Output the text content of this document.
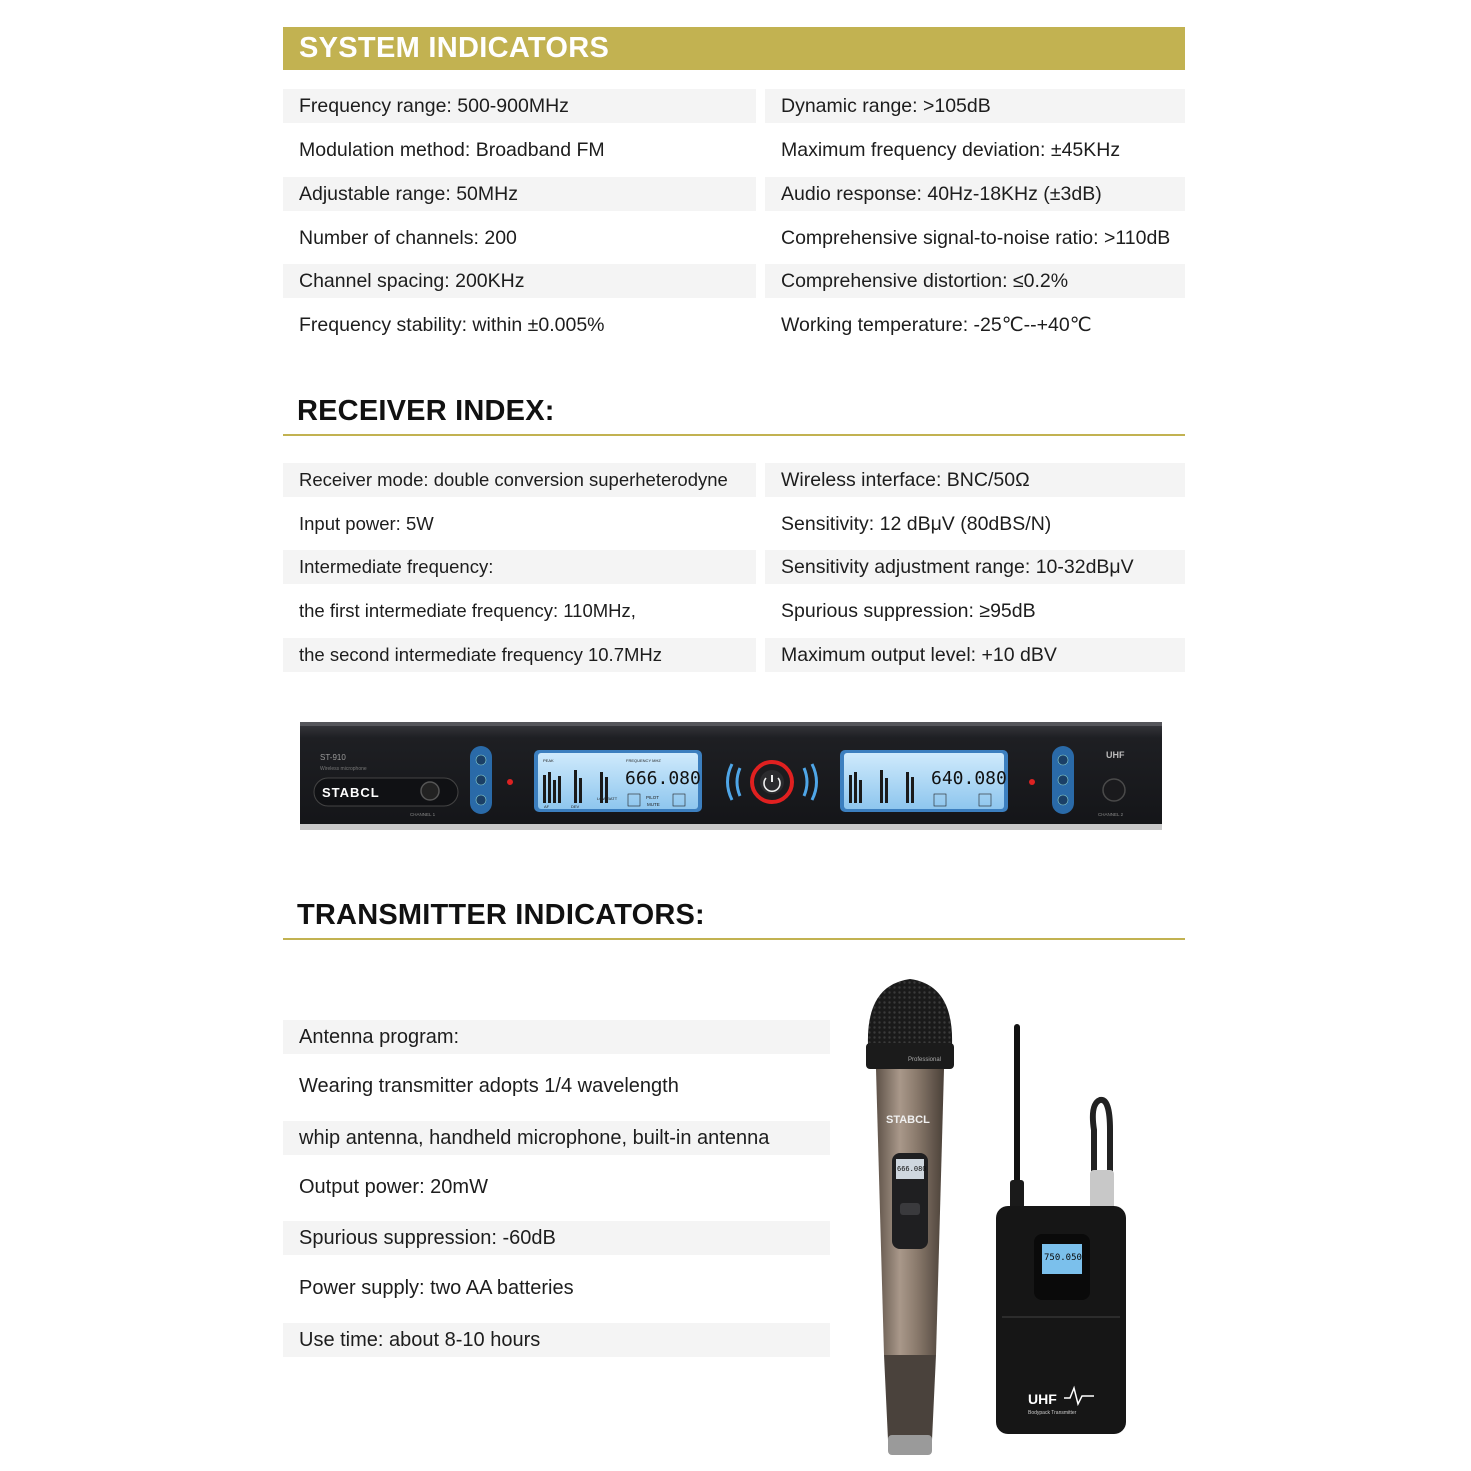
SYSTEM INDICATORS
Frequency range: 500-900MHz
Modulation method: Broadband FM
Adjustable range: 50MHz
Number of channels: 200
Channel spacing: 200KHz
Frequency stability: within ±0.005%
Dynamic range: >105dB
Maximum frequency deviation: ±45KHz
Audio response: 40Hz-18KHz (±3dB)
Comprehensive signal-to-noise ratio: >110dB
Comprehensive distortion: ≤0.2%
Working temperature: -25℃--+40℃
RECEIVER INDEX:
Receiver mode: double conversion superheterodyne
Input power: 5W
Intermediate frequency:
the first intermediate frequency: 110MHz,
the second intermediate frequency 10.7MHz
Wireless interface: BNC/50Ω
Sensitivity: 12 dBμV (80dBS/N)
Sensitivity adjustment range: 10-32dBμV
Spurious suppression: ≥95dB
Maximum output level: +10 dBV
ST-910
Wireless microphone
STABCL
CHANNEL 1
PEAK
AF	DEV
LOW BATT
FREQUENCY MHZ
666.080
PILOT
MUTE
640.080
UHF
CHANNEL 2
TRANSMITTER INDICATORS:
Antenna program:
Wearing transmitter adopts 1/4 wavelength
whip antenna, handheld microphone, built-in antenna
Output power: 20mW
Spurious suppression: -60dB
Power supply: two AA batteries
Use time: about 8-10 hours
Professional
STABCL
666.080
750.050
UHF
Bodypack Transmitter
